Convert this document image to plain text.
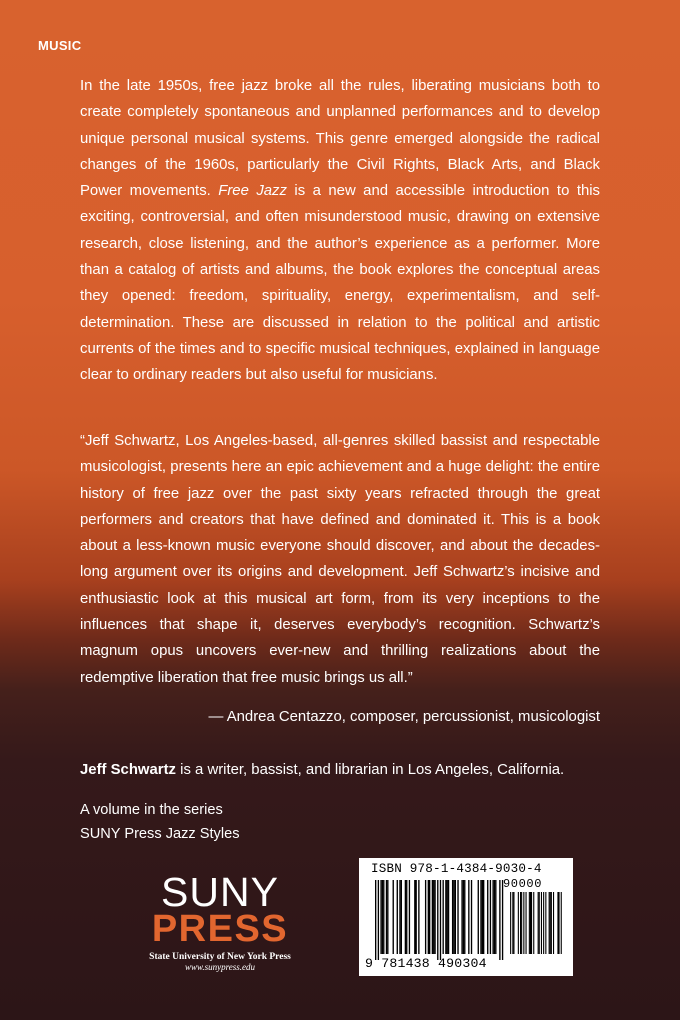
MUSIC

In the late 1950s, free jazz broke all the rules, liberating musicians both to create completely spontaneous and unplanned performances and to develop unique personal musical systems. This genre emerged alongside the radical changes of the 1960s, particularly the Civil Rights, Black Arts, and Black Power movements. Free Jazz is a new and accessible introduction to this exciting, controversial, and often misunderstood music, drawing on extensive research, close listening, and the author’s experience as a performer. More than a catalog of artists and albums, the book explores the conceptual areas they opened: freedom, spirituality, energy, experimentalism, and self-determination. These are discussed in relation to the political and artistic currents of the times and to specific musical techniques, explained in language clear to ordinary readers but also useful for musicians.

“Jeff Schwartz, Los Angeles-based, all-genres skilled bassist and respectable musicologist, presents here an epic achievement and a huge delight: the entire history of free jazz over the past sixty years refracted through the great performers and creators that have defined and dominated it. This is a book about a less-known music everyone should discover, and about the decades-long argument over its origins and development. Jeff Schwartz’s incisive and enthusiastic look at this musical art form, from its very inceptions to the influences that shape it, deserves everybody’s recognition. Schwartz’s magnum opus uncovers ever-new and thrilling realizations about the redemptive liberation that free music brings us all.”

— Andrea Centazzo, composer, percussionist, musicologist
Jeff Schwartz is a writer, bassist, and librarian in Los Angeles, California.
A volume in the series
SUNY Press Jazz Styles
SUNY
PRESS
State University of New York Press
www.sunypress.edu
ISBN 978-1-4384-9030-4
90000
9 781438 490304
